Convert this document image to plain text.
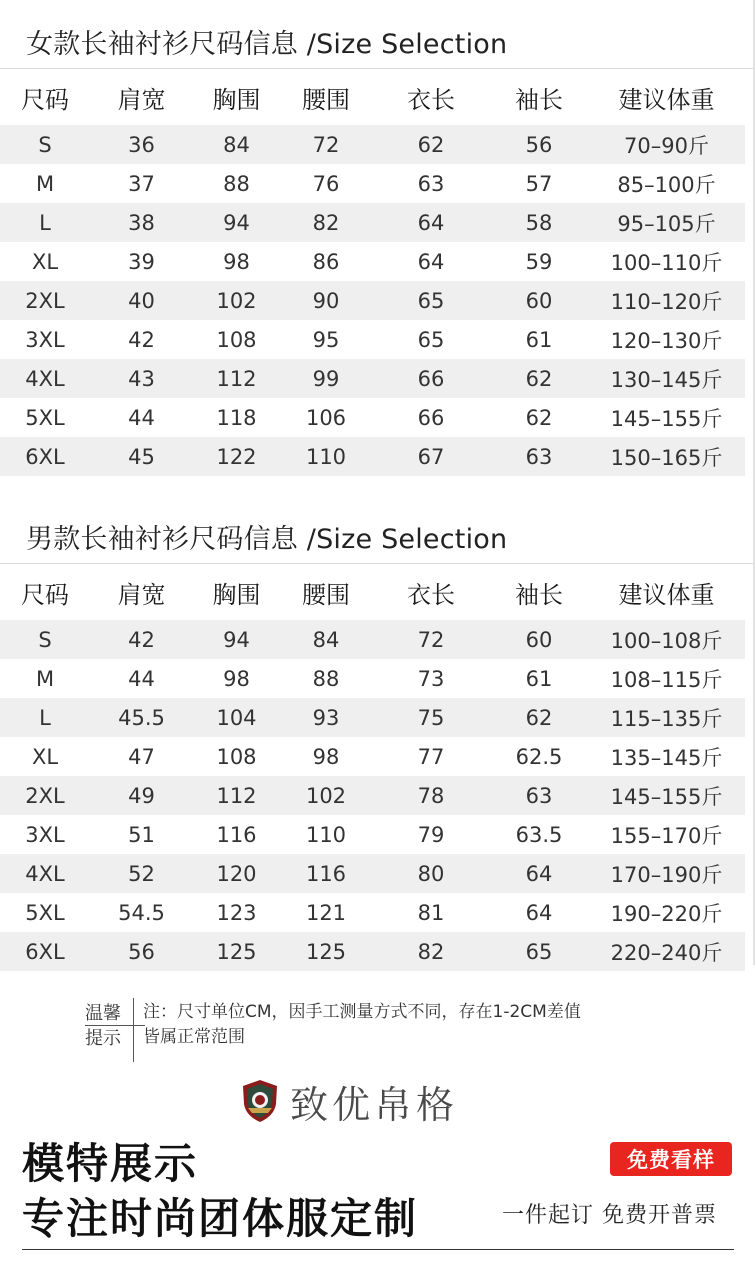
女款长袖衬衫尺码信息 /Size Selection
尺码	肩宽	胸围	腰围	衣长	袖长	建议体重
S	36	84	72	62	56	70–90斤
M	37	88	76	63	57	85–100斤
L	38	94	82	64	58	95–105斤
XL	39	98	86	64	59	100–110斤
2XL	40	102	90	65	60	110–120斤
3XL	42	108	95	65	61	120–130斤
4XL	43	112	99	66	62	130–145斤
5XL	44	118	106	66	62	145–155斤
6XL	45	122	110	67	63	150–165斤
男款长袖衬衫尺码信息 /Size Selection
尺码	肩宽	胸围	腰围	衣长	袖长	建议体重
S	42	94	84	72	60	100–108斤
M	44	98	88	73	61	108–115斤
L	45.5	104	93	75	62	115–135斤
XL	47	108	98	77	62.5	135–145斤
2XL	49	112	102	78	63	145–155斤
3XL	51	116	110	79	63.5	155–170斤
4XL	52	120	116	80	64	170–190斤
5XL	54.5	123	121	81	64	190–220斤
6XL	56	125	125	82	65	220–240斤
温馨
提示
注：尺寸单位CM，因手工测量方式不同，存在1-2CM差值
皆属正常范围
致优帛格
模特展示
专注时尚团体服定制
免费看样
一件起订 免费开普票
